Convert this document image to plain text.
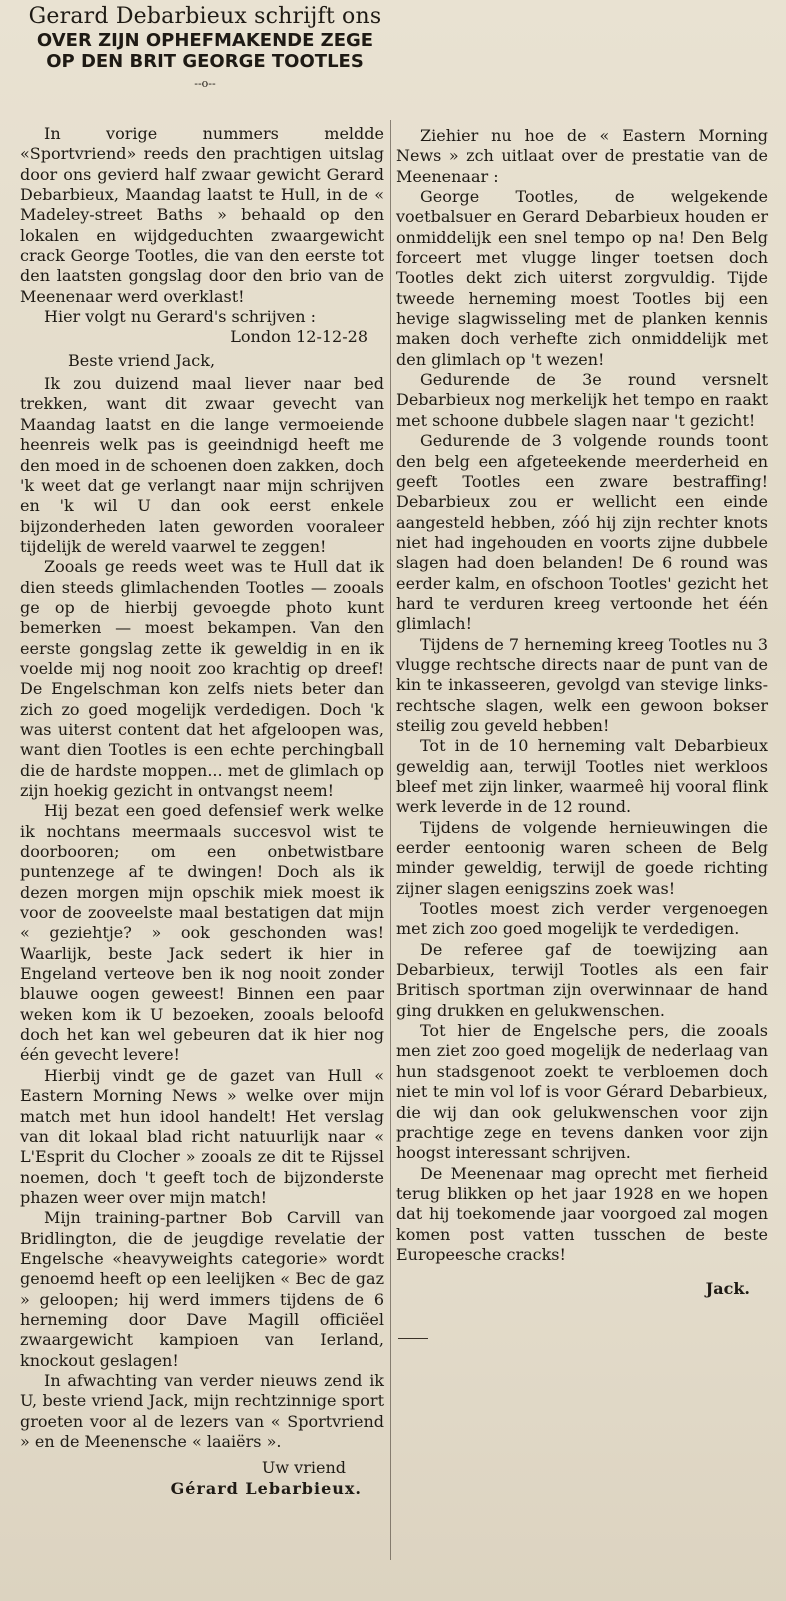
Gerard Debarbieux schrijft ons
OVER ZIJN OPHEFMAKENDE ZEGE
OP DEN BRIT GEORGE TOOTLES
--o--

In vorige nummers meldde «Sportvriend» reeds den prachtigen uitslag door ons gevierd half zwaar gewicht Gerard Debarbieux, Maandag laatst te Hull, in de « Madeley-street Baths » behaald op den lokalen en wijdgeduchten zwaargewicht crack George Tootles, die van den eerste tot den laatsten gongslag door den brio van de Meenenaar werd overklast!

Hier volgt nu Gerard's schrijven :

London 12-12-28

Beste vriend Jack,

Ik zou duizend maal liever naar bed trekken, want dit zwaar gevecht van Maandag laatst en die lange vermoeiende heenreis welk pas is geeindnigd heeft me den moed in de schoenen doen zakken, doch 'k weet dat ge verlangt naar mijn schrijven en 'k wil U dan ook eerst enkele bijzonderheden laten geworden vooraleer tijdelijk de wereld vaarwel te zeggen!

Zooals ge reeds weet was te Hull dat ik dien steeds glimlachenden Tootles — zooals ge op de hierbij gevoegde photo kunt bemerken — moest bekampen. Van den eerste gongslag zette ik geweldig in en ik voelde mij nog nooit zoo krachtig op dreef! De Engelschman kon zelfs niets beter dan zich zo goed mogelijk verdedigen. Doch 'k was uiterst content dat het afgeloopen was, want dien Tootles is een echte perchingball die de hardste moppen... met de glimlach op zijn hoekig gezicht in ontvangst neem!

Hij bezat een goed defensief werk welke ik nochtans meermaals succesvol wist te doorbooren; om een onbetwistbare puntenzege af te dwingen! Doch als ik dezen morgen mijn opschik miek moest ik voor de zooveelste maal bestatigen dat mijn « geziehtje? » ook geschonden was! Waarlijk, beste Jack sedert ik hier in Engeland verteove ben ik nog nooit zonder blauwe oogen geweest! Binnen een paar weken kom ik U bezoeken, zooals beloofd doch het kan wel gebeuren dat ik hier nog één gevecht levere!

Hierbij vindt ge de gazet van Hull « Eastern Morning News » welke over mijn match met hun idool handelt! Het verslag van dit lokaal blad richt natuurlijk naar « L'Esprit du Clocher » zooals ze dit te Rijssel noemen, doch 't geeft toch de bijzonderste phazen weer over mijn match!

Mijn training-partner Bob Carvill van Bridlington, die de jeugdige revelatie der Engelsche «heavyweights categorie» wordt genoemd heeft op een leelijken « Bec de gaz » geloopen; hij werd immers tijdens de 6 herneming door Dave Magill officiëel zwaargewicht kampioen van Ierland, knockout geslagen!

In afwachting van verder nieuws zend ik U, beste vriend Jack, mijn rechtzinnige sport groeten voor al de lezers van « Sportvriend » en de Meenensche « laaiërs ».

Uw vriend

Gérard Lebarbieux.

Ziehier nu hoe de « Eastern Morning News » zch uitlaat over de prestatie van de Meenenaar :

George Tootles, de welgekende voetbalsuer en Gerard Debarbieux houden er onmiddelijk een snel tempo op na! Den Belg forceert met vlugge linger toetsen doch Tootles dekt zich uiterst zorgvuldig. Tijde tweede herneming moest Tootles bij een hevige slagwisseling met de planken kennis maken doch verhefte zich onmiddelijk met den glimlach op 't wezen!

Gedurende de 3e round versnelt Debarbieux nog merkelijk het tempo en raakt met schoone dubbele slagen naar 't gezicht!

Gedurende de 3 volgende rounds toont den belg een afgeteekende meerderheid en geeft Tootles een zware bestraffing! Debarbieux zou er wellicht een einde aangesteld hebben, zóó hij zijn rechter knots niet had ingehouden en voorts zijne dubbele slagen had doen belanden! De 6 round was eerder kalm, en ofschoon Tootles' gezicht het hard te verduren kreeg vertoonde het één glimlach!

Tijdens de 7 herneming kreeg Tootles nu 3 vlugge rechtsche directs naar de punt van de kin te inkasseeren, gevolgd van stevige links-rechtsche slagen, welk een gewoon bokser steilig zou geveld hebben!

Tot in de 10 herneming valt Debarbieux geweldig aan, terwijl Tootles niet werkloos bleef met zijn linker, waarmeê hij vooral flink werk leverde in de 12 round.

Tijdens de volgende hernieuwingen die eerder eentoonig waren scheen de Belg minder geweldig, terwijl de goede richting zijner slagen eenigszins zoek was!

Tootles moest zich verder vergenoegen met zich zoo goed mogelijk te verdedigen.

De referee gaf de toewijzing aan Debarbieux, terwijl Tootles als een fair Britisch sportman zijn overwinnaar de hand ging drukken en gelukwenschen.

Tot hier de Engelsche pers, die zooals men ziet zoo goed mogelijk de nederlaag van hun stadsgenoot zoekt te verbloemen doch niet te min vol lof is voor Gérard Debarbieux, die wij dan ook gelukwenschen voor zijn prachtige zege en tevens danken voor zijn hoogst interessant schrijven.

De Meenenaar mag oprecht met fierheid terug blikken op het jaar 1928 en we hopen dat hij toekomende jaar voorgoed zal mogen komen post vatten tusschen de beste Europeesche cracks!

Jack.
